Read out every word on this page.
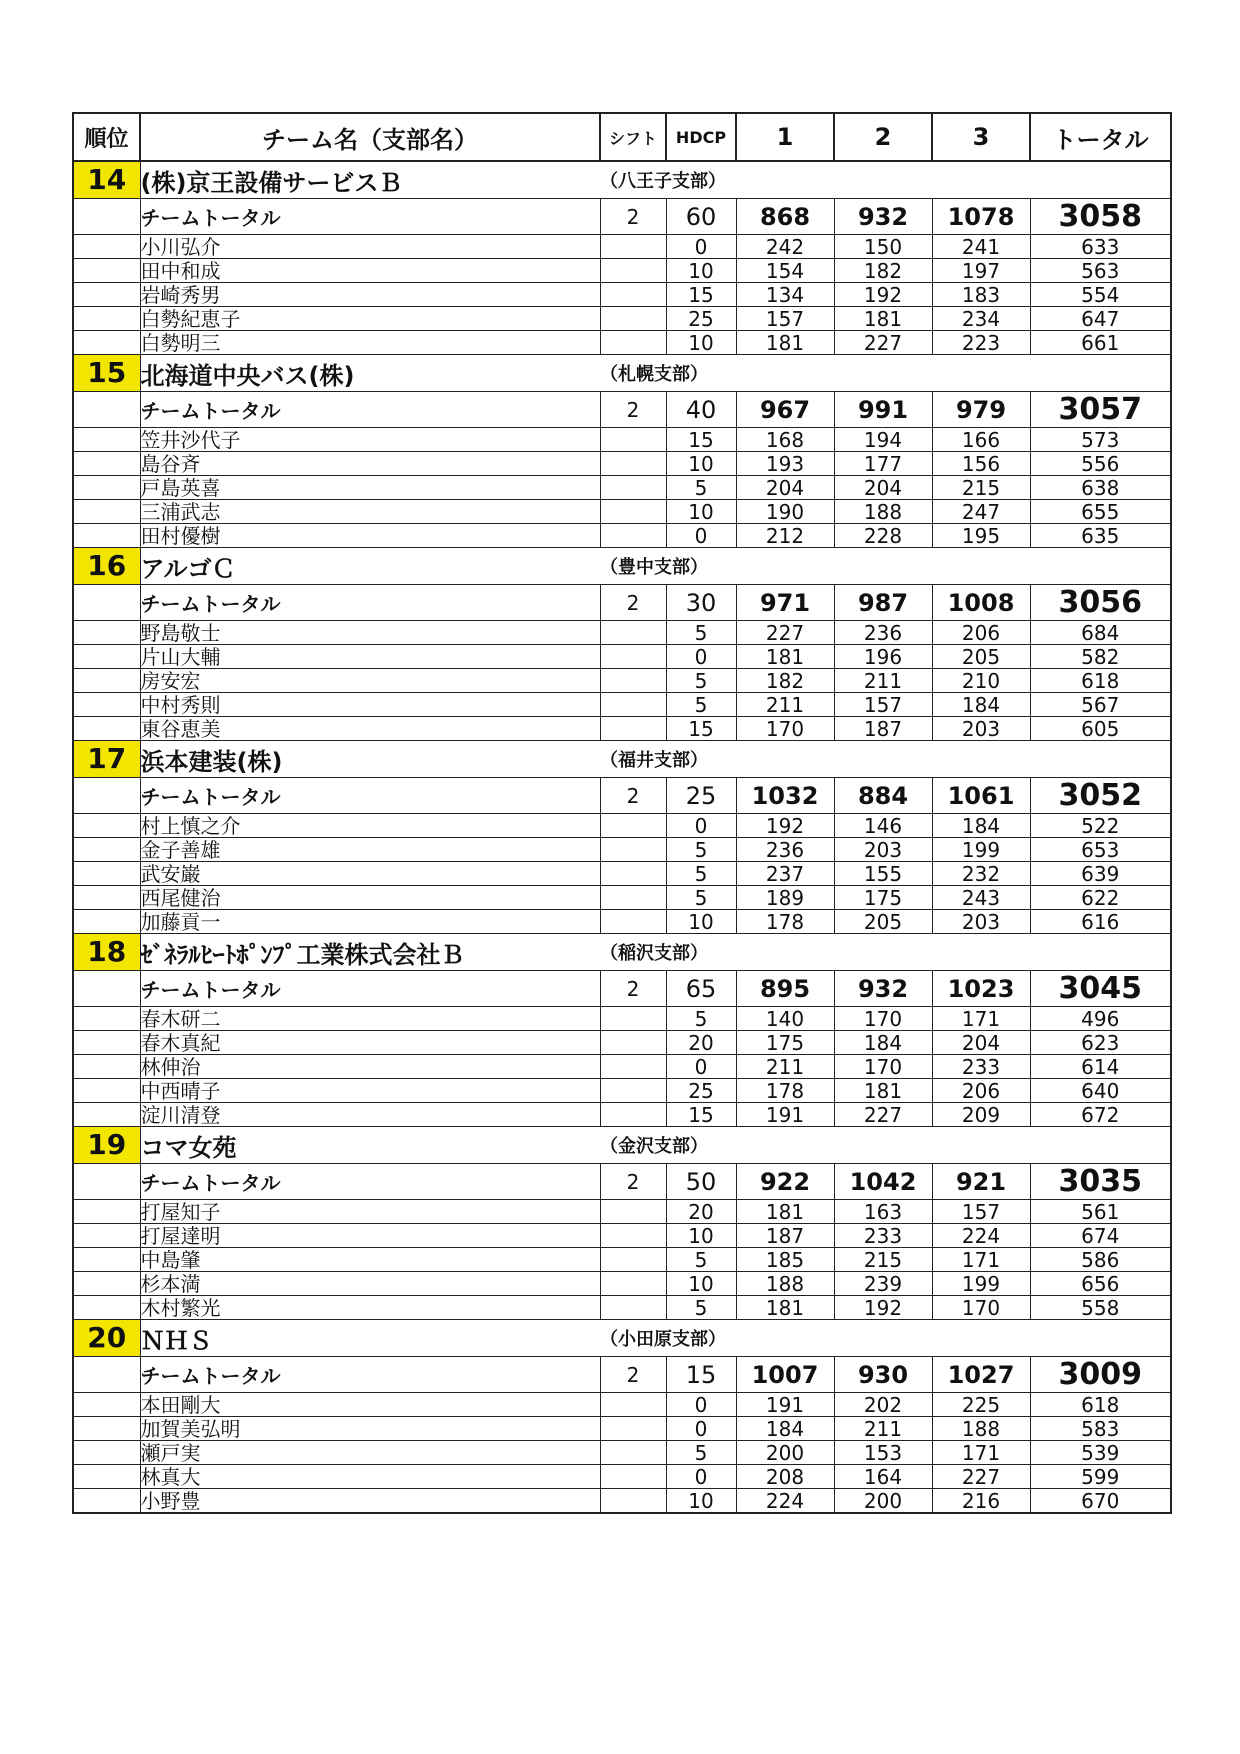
順位	チーム名（支部名）	シフト	HDCP	1	2	3	トータル

14	(株)京王設備サービスＢ	（八王子支部）					
	チームトータル	2	60	868	932	1078	3058
	小川弘介		0	242	150	241	633
	田中和成		10	154	182	197	563
	岩崎秀男		15	134	192	183	554
	白勢紀恵子		25	157	181	234	647
	白勢明三		10	181	227	223	661

15	北海道中央バス(株)	（札幌支部）					
	チームトータル	2	40	967	991	979	3057
	笠井沙代子		15	168	194	166	573
	島谷斉		10	193	177	156	556
	戸島英喜		5	204	204	215	638
	三浦武志		10	190	188	247	655
	田村優樹		0	212	228	195	635

16	アルゴＣ	（豊中支部）					
	チームトータル	2	30	971	987	1008	3056
	野島敬士		5	227	236	206	684
	片山大輔		0	181	196	205	582
	房安宏		5	182	211	210	618
	中村秀則		5	211	157	184	567
	東谷恵美		15	170	187	203	605

17	浜本建装(株)	（福井支部）					
	チームトータル	2	25	1032	884	1061	3052
	村上慎之介		0	192	146	184	522
	金子善雄		5	236	203	199	653
	武安巌		5	237	155	232	639
	西尾健治		5	189	175	243	622
	加藤貢一		10	178	205	203	616

18	ｾﾞﾈﾗﾙﾋｰﾄﾎﾟﾝﾌﾟ工業株式会社Ｂ	（稲沢支部）					
	チームトータル	2	65	895	932	1023	3045
	春木研二		5	140	170	171	496
	春木真紀		20	175	184	204	623
	林伸治		0	211	170	233	614
	中西晴子		25	178	181	206	640
	淀川清登		15	191	227	209	672

19	コマ女苑	（金沢支部）					
	チームトータル	2	50	922	1042	921	3035
	打屋知子		20	181	163	157	561
	打屋達明		10	187	233	224	674
	中島肇		5	185	215	171	586
	杉本満		10	188	239	199	656
	木村繁光		5	181	192	170	558

20	ＮＨＳ	（小田原支部）					
	チームトータル	2	15	1007	930	1027	3009
	本田剛大		0	191	202	225	618
	加賀美弘明		0	184	211	188	583
	瀬戸実		5	200	153	171	539
	林真大		0	208	164	227	599
	小野豊		10	224	200	216	670
